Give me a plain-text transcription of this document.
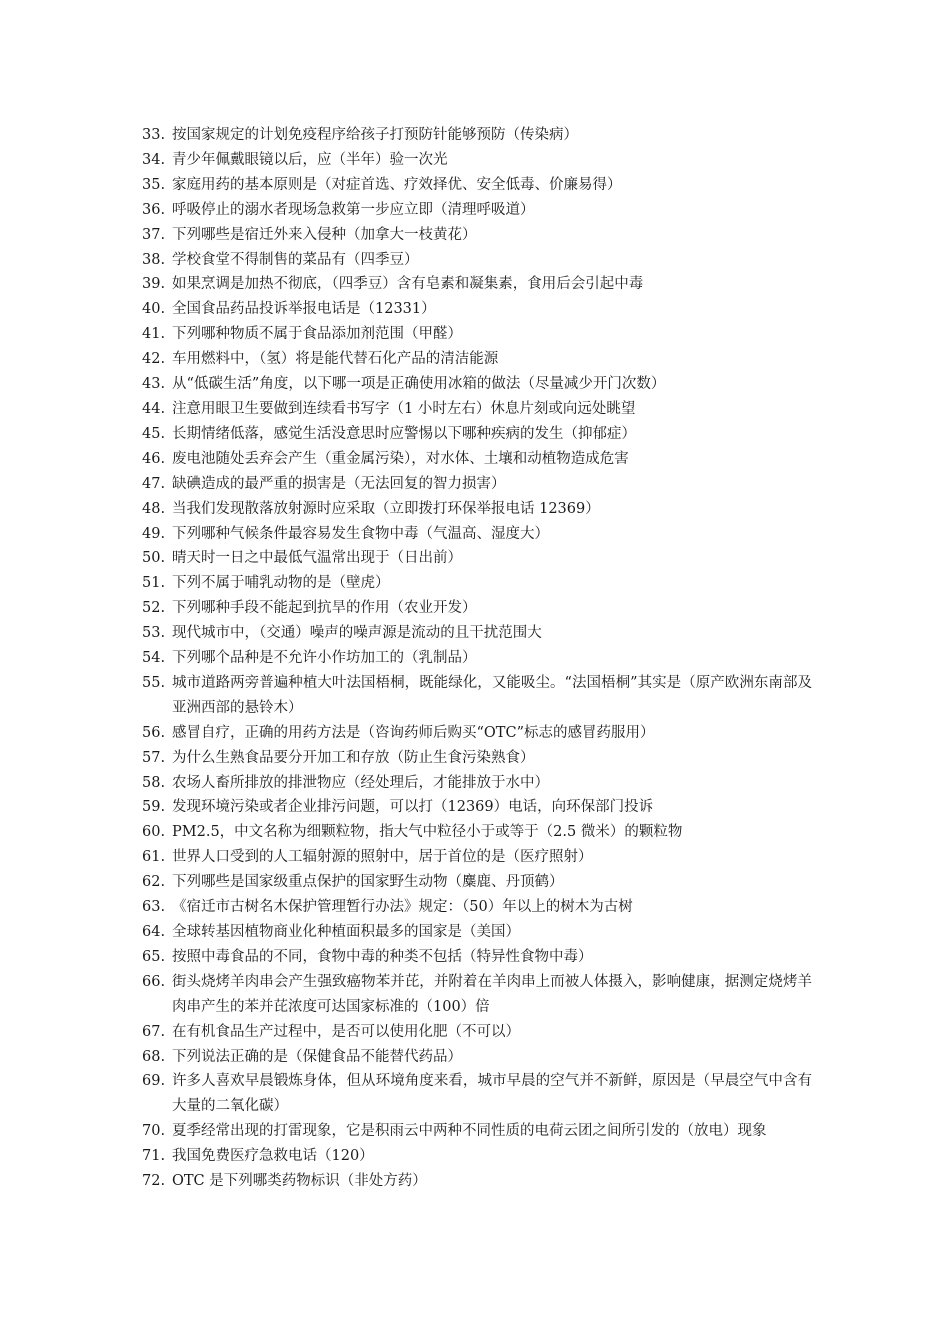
33. 按国家规定的计划免疫程序给孩子打预防针能够预防（传染病）
34. 青少年佩戴眼镜以后，应（半年）验一次光
35. 家庭用药的基本原则是（对症首选、疗效择优、安全低毒、价廉易得）
36. 呼吸停止的溺水者现场急救第一步应立即（清理呼吸道）
37. 下列哪些是宿迁外来入侵种（加拿大一枝黄花）
38. 学校食堂不得制售的菜品有（四季豆）
39. 如果烹调是加热不彻底，（四季豆）含有皂素和凝集素，食用后会引起中毒
40. 全国食品药品投诉举报电话是（12331）
41. 下列哪种物质不属于食品添加剂范围（甲醛）
42. 车用燃料中，（氢）将是能代替石化产品的清洁能源
43. 从“低碳生活”角度，以下哪一项是正确使用冰箱的做法（尽量减少开门次数）
44. 注意用眼卫生要做到连续看书写字（1 小时左右）休息片刻或向远处眺望
45. 长期情绪低落，感觉生活没意思时应警惕以下哪种疾病的发生（抑郁症）
46. 废电池随处丢弃会产生（重金属污染），对水体、土壤和动植物造成危害
47. 缺碘造成的最严重的损害是（无法回复的智力损害）
48. 当我们发现散落放射源时应采取（立即拨打环保举报电话 12369）
49. 下列哪种气候条件最容易发生食物中毒（气温高、湿度大）
50. 晴天时一日之中最低气温常出现于（日出前）
51. 下列不属于哺乳动物的是（壁虎）
52. 下列哪种手段不能起到抗旱的作用（农业开发）
53. 现代城市中，（交通）噪声的噪声源是流动的且干扰范围大
54. 下列哪个品种是不允许小作坊加工的（乳制品）
55. 城市道路两旁普遍种植大叶法国梧桐，既能绿化，又能吸尘。“法国梧桐”其实是（原产欧洲东南部及亚洲西部的悬铃木）
56. 感冒自疗，正确的用药方法是（咨询药师后购买“OTC”标志的感冒药服用）
57. 为什么生熟食品要分开加工和存放（防止生食污染熟食）
58. 农场人畜所排放的排泄物应（经处理后，才能排放于水中）
59. 发现环境污染或者企业排污问题，可以打（12369）电话，向环保部门投诉
60. PM2.5，中文名称为细颗粒物，指大气中粒径小于或等于（2.5 微米）的颗粒物
61. 世界人口受到的人工辐射源的照射中，居于首位的是（医疗照射）
62. 下列哪些是国家级重点保护的国家野生动物（麋鹿、丹顶鹤）
63. 《宿迁市古树名木保护管理暂行办法》规定：（50）年以上的树木为古树
64. 全球转基因植物商业化种植面积最多的国家是（美国）
65. 按照中毒食品的不同，食物中毒的种类不包括（特异性食物中毒）
66. 街头烧烤羊肉串会产生强致癌物苯并芘，并附着在羊肉串上而被人体摄入，影响健康，据测定烧烤羊肉串产生的苯并芘浓度可达国家标准的（100）倍
67. 在有机食品生产过程中，是否可以使用化肥（不可以）
68. 下列说法正确的是（保健食品不能替代药品）
69. 许多人喜欢早晨锻炼身体，但从环境角度来看，城市早晨的空气并不新鲜，原因是（早晨空气中含有大量的二氧化碳）
70. 夏季经常出现的打雷现象，它是积雨云中两种不同性质的电荷云团之间所引发的（放电）现象
71. 我国免费医疗急救电话（120）
72. OTC 是下列哪类药物标识（非处方药）
